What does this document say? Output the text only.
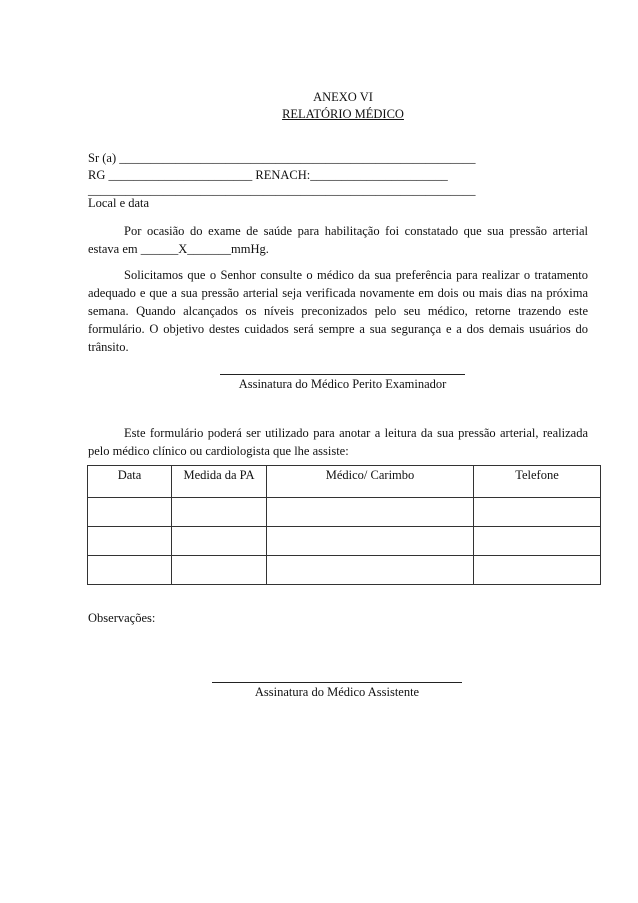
ANEXO VI
RELATÓRIO MÉDICO
Sr (a) _________________________________________________________
RG _______________________ RENACH:______________________
______________________________________________________________
Local e data
Por ocasião do exame de saúde para habilitação foi constatado que sua pressão arterial estava em ______X_______mmHg.
Solicitamos que o Senhor consulte o médico da sua preferência para realizar o tratamento adequado e que a sua pressão arterial seja verificada novamente em dois ou mais dias na próxima semana. Quando alcançados os níveis preconizados pelo seu médico, retorne trazendo este formulário. O objetivo destes cuidados será sempre a sua segurança e a dos demais usuários do trânsito.
Assinatura do Médico Perito Examinador
Este formulário poderá ser utilizado para anotar a leitura da sua pressão arterial, realizada pelo médico clínico ou cardiologista que lhe assiste:
Data	Medida da PA	Médico/ Carimbo	Telefone

Observações:
Assinatura do Médico Assistente
